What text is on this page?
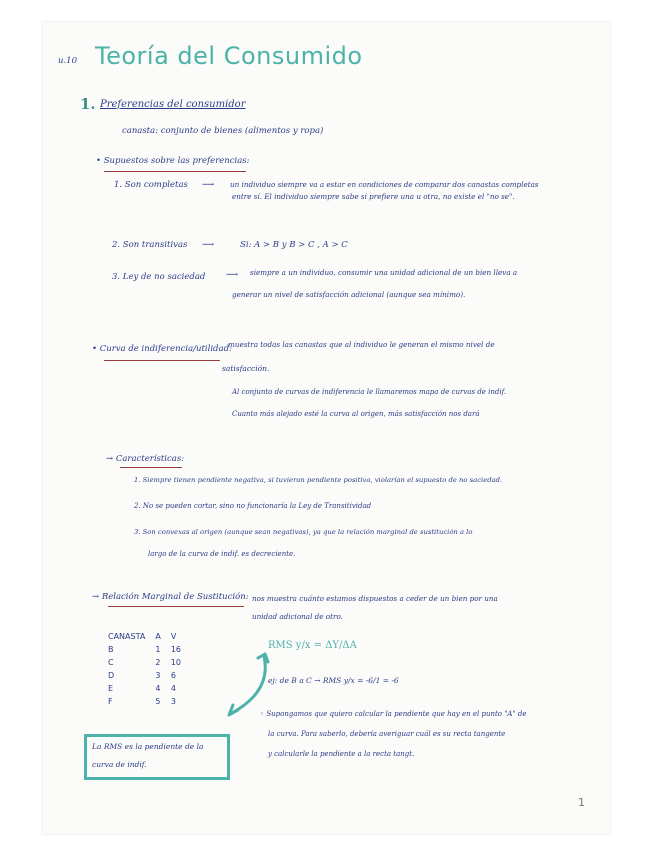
u.10 Teoría del Consumido
1. Preferencias del consumidor
canasta: conjunto de bienes (alimentos y ropa)
• Supuestos sobre las preferencias:
1. Son completas ⟶ un individuo siempre va a estar en condiciones de comparar dos canastas completas
entre sí. El individuo siempre sabe si prefiere una u otra, no existe el "no se".
2. Son transitivas ⟶	Si: A > B y B > C , A > C
3. Ley de no saciedad ⟶ siempre a un individuo, consumir una unidad adicional de un bien lleva a
generar un nivel de satisfacción adicional (aunque sea mínimo).
• Curva de indiferencia/utilidad:
muestra todas las canastas que al individuo le generan el mismo nivel de
satisfacción.
Al conjunto de curvas de indiferencia le llamaremos mapa de curvas de indif.
Cuanto más alejado esté la curva al origen, más satisfacción nos dará
→ Características:
1. Siempre tienen pendiente negativa, si tuvieran pendiente positiva, violarían el supuesto de no saciedad.
2. No se pueden cortar, sino no funcionaría la Ley de Transitividad
3. Son convexas al origen (aunque sean negativas), ya que la relación marginal de sustitución a lo
largo de la curva de indif. es decreciente.
→ Relación Marginal de Sustitución: nos muestra cuánto estamos dispuestos a ceder de un bien por una
unidad adicional de otro.
CANASTA	A	V
B	1	16
C	2	10
D	3	6
E	4	4
F	5	3
RMS y/x = ΔY/ΔA
ej: de B a C → RMS y/x = -6/1 = -6
◦ Supongamos que quiero calcular la pendiente que hay en el punto "A" de
la curva. Para saberlo, debería averiguar cuál es su recta tangente
y calcularle la pendiente a la recta tangt.
La RMS es la pendiente de la
curva de indif.
1
